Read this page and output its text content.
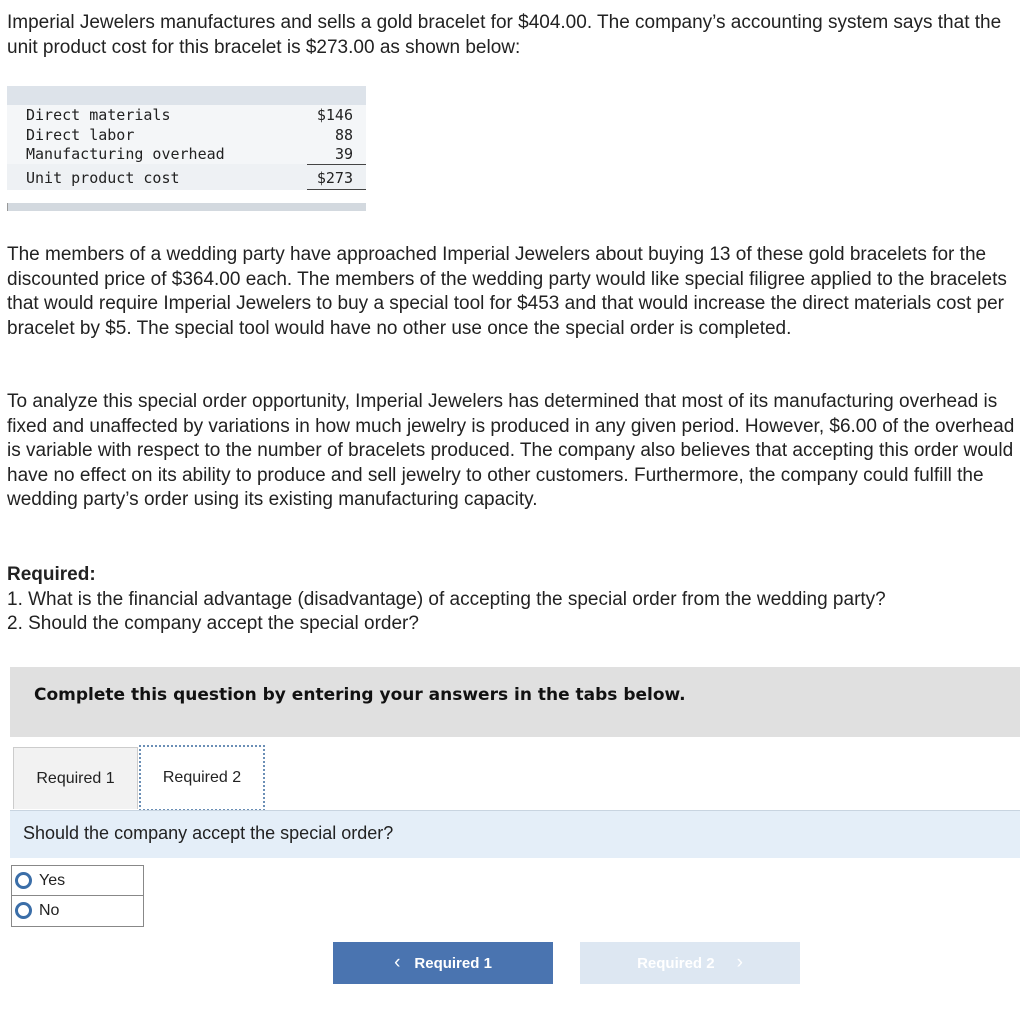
Imperial Jewelers manufactures and sells a gold bracelet for $404.00. The company’s accounting system says that the unit product cost for this bracelet is $273.00 as shown below:

Direct materials	$146
Direct labor	88
Manufacturing overhead	39
Unit product cost	$273

The members of a wedding party have approached Imperial Jewelers about buying 13 of these gold bracelets for the discounted price of $364.00 each. The members of the wedding party would like special filigree applied to the bracelets that would require Imperial Jewelers to buy a special tool for $453 and that would increase the direct materials cost per bracelet by $5. The special tool would have no other use once the special order is completed.

To analyze this special order opportunity, Imperial Jewelers has determined that most of its manufacturing overhead is fixed and unaffected by variations in how much jewelry is produced in any given period. However, $6.00 of the overhead is variable with respect to the number of bracelets produced. The company also believes that accepting this order would have no effect on its ability to produce and sell jewelry to other customers. Furthermore, the company could fulfill the wedding party’s order using its existing manufacturing capacity.

Required:
1. What is the financial advantage (disadvantage) of accepting the special order from the wedding party?
2. Should the company accept the special order?
Complete this question by entering your answers in the tabs below.
Required 1	Required 2
Should the company accept the special order?
Yes
No
‹ Required 1	Required 2 ›
